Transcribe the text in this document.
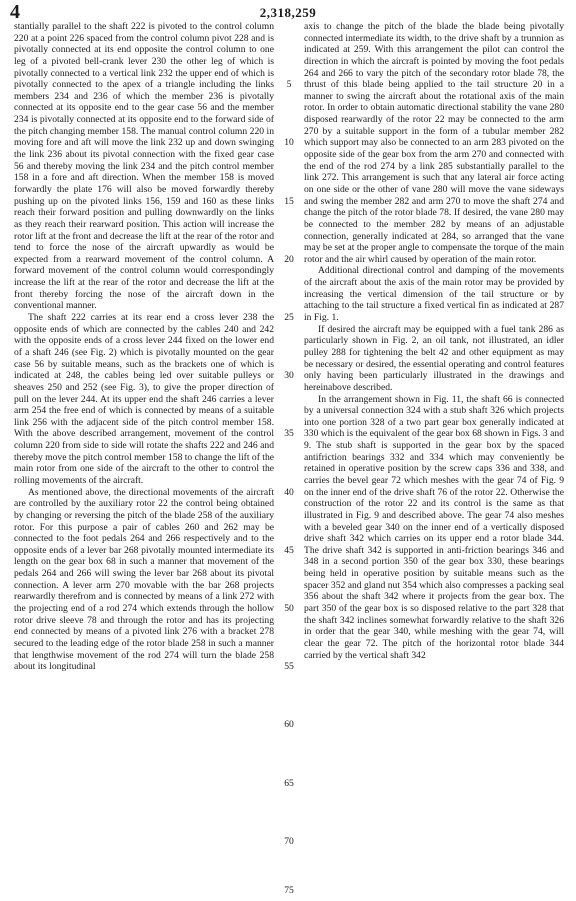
4	2,318,259

stantially parallel to the shaft 222 is pivoted to the control column 220 at a point 226 spaced from the control column pivot 228 and is pivotally connected at its end opposite the control column to one leg of a pivoted bell-crank lever 230 the other leg of which is pivotally connected to a vertical link 232 the upper end of which is pivotally connected to the apex of a triangle including the links members 234 and 236 of which the member 236 is pivotally connected at its opposite end to the gear case 56 and the member 234 is pivotally connected at its opposite end to the forward side of the pitch changing member 158. The manual control column 220 in moving fore and aft will move the link 232 up and down swinging the link 236 about its pivotal connection with the fixed gear case 56 and thereby moving the link 234 and the pitch control member 158 in a fore and aft direction. When the member 158 is moved forwardly the plate 176 will also be moved forwardly thereby pushing up on the pivoted links 156, 159 and 160 as these links reach their forward position and pulling downwardly on the links as they reach their rearward position. This action will increase the rotor lift at the front and decrease the lift at the rear of the rotor and tend to force the nose of the aircraft upwardly as would be expected from a rearward movement of the control column. A forward movement of the control column would correspondingly increase the lift at the rear of the rotor and decrease the lift at the front thereby forcing the nose of the aircraft down in the conventional manner.

The shaft 222 carries at its rear end a cross lever 238 the opposite ends of which are connected by the cables 240 and 242 with the opposite ends of a cross lever 244 fixed on the lower end of a shaft 246 (see Fig. 2) which is pivotally mounted on the gear case 56 by suitable means, such as the brackets one of which is indicated at 248, the cables being led over suitable pulleys or sheaves 250 and 252 (see Fig. 3), to give the proper direction of pull on the lever 244. At its upper end the shaft 246 carries a lever arm 254 the free end of which is connected by means of a suitable link 256 with the adjacent side of the pitch control member 158. With the above described arrangement, movement of the control column 220 from side to side will rotate the shafts 222 and 246 and thereby move the pitch control member 158 to change the lift of the main rotor from one side of the aircraft to the other to control the rolling movements of the aircraft.

As mentioned above, the directional movements of the aircraft are controlled by the auxiliary rotor 22 the control being obtained by changing or reversing the pitch of the blade 258 of the auxiliary rotor. For this purpose a pair of cables 260 and 262 may be connected to the foot pedals 264 and 266 respectively and to the opposite ends of a lever bar 268 pivotally mounted intermediate its length on the gear box 68 in such a manner that movement of the pedals 264 and 266 will swing the lever bar 268 about its pivotal connection. A lever arm 270 movable with the bar 268 projects rearwardly therefrom and is connected by means of a link 272 with the projecting end of a rod 274 which extends through the hollow rotor drive sleeve 78 and through the rotor and has its projecting end connected by means of a pivoted link 276 with a bracket 278 secured to the leading edge of the rotor blade 258 in such a manner that lengthwise movement of the rod 274 will turn the blade 258 about its longitudinal

5
10
15
20
25
30
35
40
45
50
55
60
65
70
75

axis to change the pitch of the blade the blade being pivotally connected intermediate its width, to the drive shaft by a trunnion as indicated at 259. With this arrangement the pilot can control the direction in which the aircraft is pointed by moving the foot pedals 264 and 266 to vary the pitch of the secondary rotor blade 78, the thrust of this blade being applied to the tail structure 20 in a manner to swing the aircraft about the rotational axis of the main rotor. In order to obtain automatic directional stability the vane 280 disposed rearwardly of the rotor 22 may be connected to the arm 270 by a suitable support in the form of a tubular member 282 which support may also be connected to an arm 283 pivoted on the opposite side of the gear box from the arm 270 and connected with the end of the rod 274 by a link 285 substantially parallel to the link 272. This arrangement is such that any lateral air force acting on one side or the other of vane 280 will move the vane sideways and swing the member 282 and arm 270 to move the shaft 274 and change the pitch of the rotor blade 78. If desired, the vane 280 may be connected to the member 282 by means of an adjustable connection, generally indicated at 284, so arranged that the vane may be set at the proper angle to compensate the torque of the main rotor and the air whirl caused by operation of the main rotor.

Additional directional control and damping of the movements of the aircraft about the axis of the main rotor may be provided by increasing the vertical dimension of the tail structure or by attaching to the tail structure a fixed vertical fin as indicated at 287 in Fig. 1.

If desired the aircraft may be equipped with a fuel tank 286 as particularly shown in Fig. 2, an oil tank, not illustrated, an idler pulley 288 for tightening the belt 42 and other equipment as may be necessary or desired, the essential operating and control features only having been particularly illustrated in the drawings and hereinabove described.

In the arrangement shown in Fig. 11, the shaft 66 is connected by a universal connection 324 with a stub shaft 326 which projects into one portion 328 of a two part gear box generally indicated at 330 which is the equivalent of the gear box 68 shown in Figs. 3 and 9. The stub shaft is supported in the gear box by the spaced antifriction bearings 332 and 334 which may conveniently be retained in operative position by the screw caps 336 and 338, and carries the bevel gear 72 which meshes with the gear 74 of Fig. 9 on the inner end of the drive shaft 76 of the rotor 22. Otherwise the construction of the rotor 22 and its control is the same as that illustrated in Fig. 9 and described above. The gear 74 also meshes with a beveled gear 340 on the inner end of a vertically disposed drive shaft 342 which carries on its upper end a rotor blade 344. The drive shaft 342 is supported in anti-friction bearings 346 and 348 in a second portion 350 of the gear box 330, these bearings being held in operative position by suitable means such as the spacer 352 and gland nut 354 which also compresses a packing seal 356 about the shaft 342 where it projects from the gear box. The part 350 of the gear box is so disposed relative to the part 328 that the shaft 342 inclines somewhat forwardly relative to the shaft 326 in order that the gear 340, while meshing with the gear 74, will clear the gear 72. The pitch of the horizontal rotor blade 344 carried by the vertical shaft 342
